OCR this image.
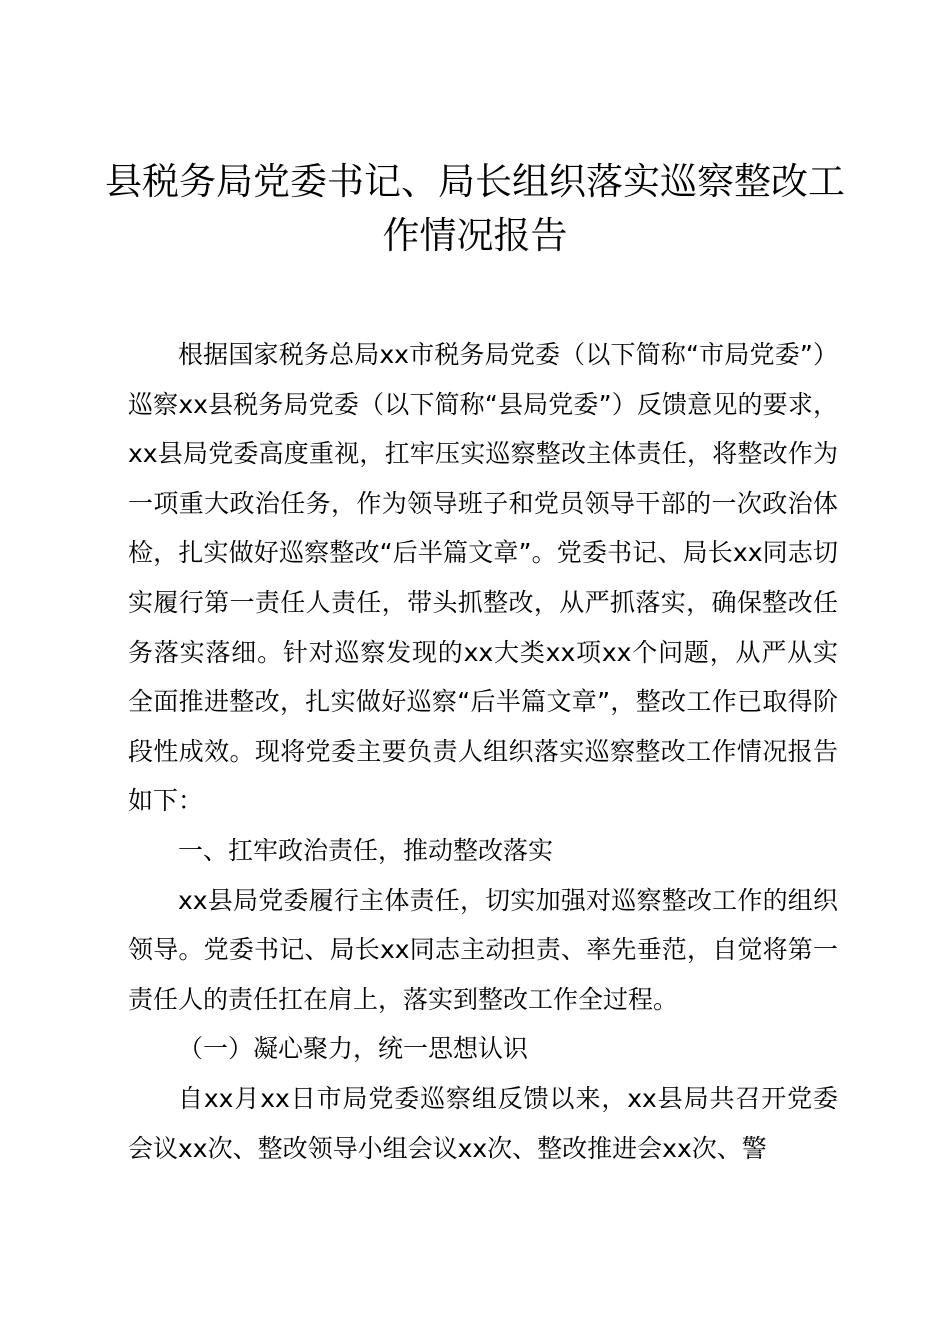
县税务局党委书记、局长组织落实巡察整改工作情况报告

根据国家税务总局xx市税务局党委（以下简称“市局党委”）巡察xx县税务局党委（以下简称“县局党委”）反馈意见的要求，xx县局党委高度重视，扛牢压实巡察整改主体责任，将整改作为一项重大政治任务，作为领导班子和党员领导干部的一次政治体检，扎实做好巡察整改“后半篇文章”。党委书记、局长xx同志切实履行第一责任人责任，带头抓整改，从严抓落实，确保整改任务落实落细。针对巡察发现的xx大类xx项xx个问题，从严从实全面推进整改，扎实做好巡察“后半篇文章”，整改工作已取得阶段性成效。现将党委主要负责人组织落实巡察整改工作情况报告如下：

一、扛牢政治责任，推动整改落实

xx县局党委履行主体责任，切实加强对巡察整改工作的组织领导。党委书记、局长xx同志主动担责、率先垂范，自觉将第一责任人的责任扛在肩上，落实到整改工作全过程。

（一）凝心聚力，统一思想认识

自xx月xx日市局党委巡察组反馈以来，xx县局共召开党委会议xx次、整改领导小组会议xx次、整改推进会xx次、警
